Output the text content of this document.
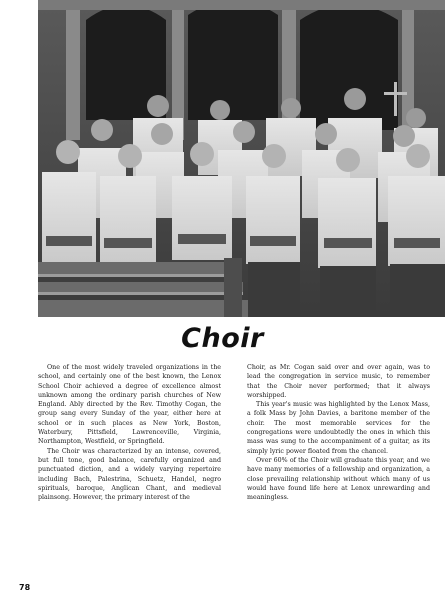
Choir

One of the most widely traveled organizations in the school, and certainly one of the best known, the Lenox School Choir achieved a degree of excellence almost unknown among the ordinary parish churches of New England. Ably directed by the Rev. Timothy Cogan, the group sang every Sunday of the year, either here at school or in such places as New York, Boston, Waterbury, Pittsfield, Lawrenceville, Virginia, Northampton, Westfield, or Springfield.

The Choir was characterized by an intense, covered, but full tone, good balance, carefully organized and punctuated diction, and a widely varying repertoire including Bach, Palestrina, Schuetz, Handel, negro spirituals, baroque, Anglican Chant, and medieval plainsong. However, the primary interest of the

Choir, as Mr. Cogan said over and over again, was to lead the congregation in service music, to remember that the Choir never performed; that it always worshipped.

This year's music was highlighted by the Lenox Mass, a folk Mass by John Davies, a baritone member of the choir. The most memorable services for the congregations were undoubtedly the ones in which this mass was sung to the accompaniment of a guitar, as its simply lyric power floated from the chancel.

Over 60% of the Choir will graduate this year, and we have many memories of a fellowship and organization, a close prevailing relationship without which many of us would have found life here at Lenox unrewarding and meaningless.

78
